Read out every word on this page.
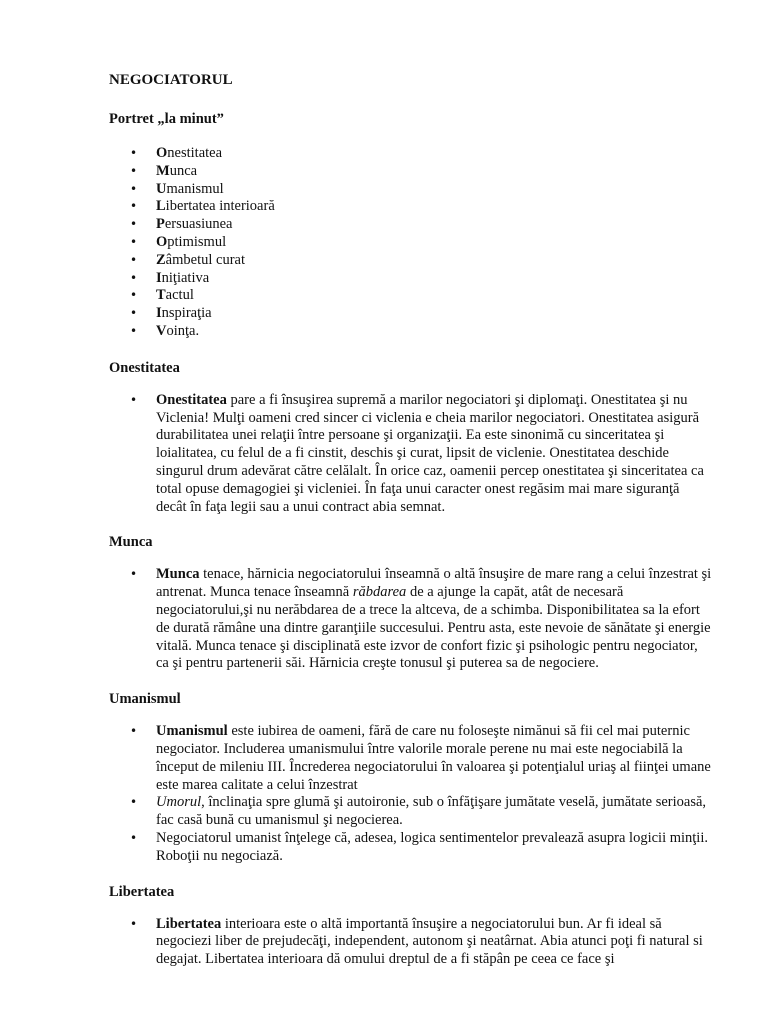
NEGOCIATORUL
Portret „la minut”
• Onestitatea
• Munca
• Umanismul
• Libertatea interioară
• Persuasiunea
• Optimismul
• Zâmbetul curat
• Iniţiativa
• Tactul
• Inspiraţia
• Voinţa.
Onestitatea
• Onestitatea pare a fi însuşirea supremă a marilor negociatori şi diplomaţi. Onestitatea şi nu Viclenia! Mulţi oameni cred sincer ci viclenia e cheia marilor negociatori. Onestitatea asigură durabilitatea unei relaţii între persoane şi organizaţii. Ea este sinonimă cu sinceritatea şi loialitatea, cu felul de a fi cinstit, deschis şi curat, lipsit de viclenie. Onestitatea deschide singurul drum adevărat către celălalt. În orice caz, oamenii percep onestitatea şi sinceritatea ca total opuse demagogiei şi vicleniei. În faţa unui caracter onest regăsim mai mare siguranţă decât în faţa legii sau a unui contract abia semnat.
Munca
• Munca tenace, hărnicia negociatorului înseamnă o altă însuşire de mare rang a celui înzestrat şi antrenat. Munca tenace înseamnă răbdarea de a ajunge la capăt, atât de necesară negociatorului,şi nu nerăbdarea de a trece la altceva, de a schimba. Disponibilitatea sa la efort de durată rămâne una dintre garanţiile succesului. Pentru asta, este nevoie de sănătate şi energie vitală. Munca tenace şi disciplinată este izvor de confort fizic şi psihologic pentru negociator, ca şi pentru partenerii săi. Hărnicia creşte tonusul şi puterea sa de negociere.
Umanismul
• Umanismul este iubirea de oameni, fără de care nu foloseşte nimănui să fii cel mai puternic negociator. Includerea umanismului între valorile morale perene nu mai este negociabilă la început de mileniu III. Încrederea negociatorului în valoarea şi potenţialul uriaş al fiinţei umane este marea calitate a celui înzestrat
• Umorul, înclinaţia spre glumă şi autoironie, sub o înfăţişare jumătate veselă, jumătate serioasă, fac casă bună cu umanismul şi negocierea.
• Negociatorul umanist înţelege că, adesea, logica sentimentelor prevalează asupra logicii minţii. Roboţii nu negociază.
Libertatea
• Libertatea interioara este o altă importantă însuşire a negociatorului bun. Ar fi ideal să negociezi liber de prejudecăţi, independent, autonom şi neatârnat. Abia atunci poţi fi natural si degajat. Libertatea interioara dă omului dreptul de a fi stăpân pe ceea ce face şi
